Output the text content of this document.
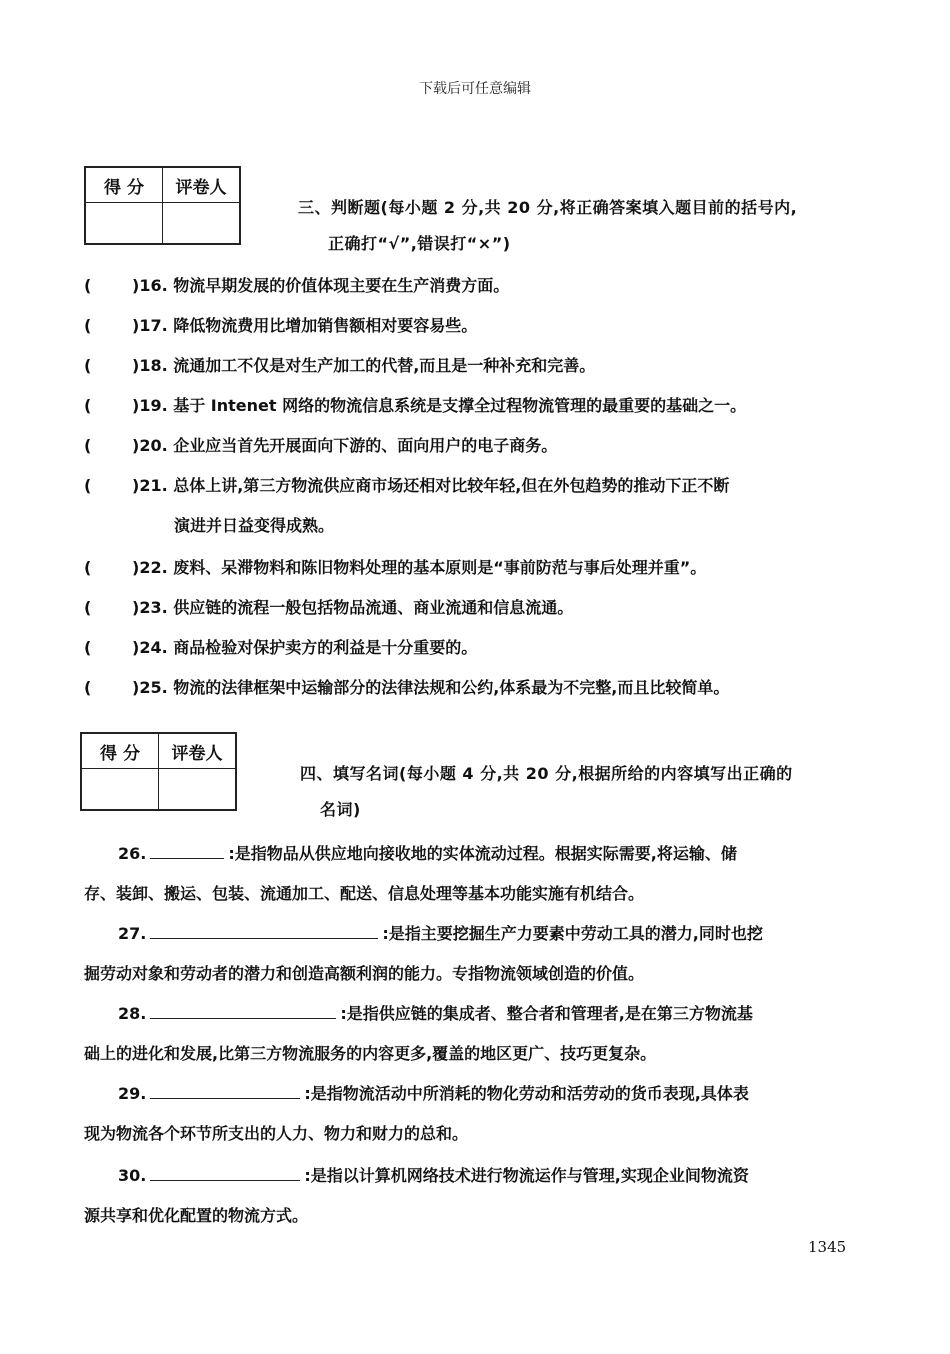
下载后可任意编辑
得 分	评卷人

三、判断题(每小题 2 分,共 20 分,将正确答案填入题目前的括号内,
正确打“√”,错误打“×”)
(	)16. 物流早期发展的价值体现主要在生产消费方面。
(	)17. 降低物流费用比增加销售额相对要容易些。
(	)18. 流通加工不仅是对生产加工的代替,而且是一种补充和完善。
(	)19. 基于 Intenet 网络的物流信息系统是支撑全过程物流管理的最重要的基础之一。
(	)20. 企业应当首先开展面向下游的、面向用户的电子商务。
(	)21. 总体上讲,第三方物流供应商市场还相对比较年轻,但在外包趋势的推动下正不断
演进并日益变得成熟。
(	)22. 废料、呆滞物料和陈旧物料处理的基本原则是“事前防范与事后处理并重”。
(	)23. 供应链的流程一般包括物品流通、商业流通和信息流通。
(	)24. 商品检验对保护卖方的利益是十分重要的。
(	)25. 物流的法律框架中运输部分的法律法规和公约,体系最为不完整,而且比较简单。
得 分	评卷人

四、填写名词(每小题 4 分,共 20 分,根据所给的内容填写出正确的
名词)
26.	:是指物品从供应地向接收地的实体流动过程。根据实际需要,将运输、储
存、装卸、搬运、包装、流通加工、配送、信息处理等基本功能实施有机结合。
27.	:是指主要挖掘生产力要素中劳动工具的潜力,同时也挖
掘劳动对象和劳动者的潜力和创造高额利润的能力。专指物流领域创造的价值。
28.	:是指供应链的集成者、整合者和管理者,是在第三方物流基
础上的进化和发展,比第三方物流服务的内容更多,覆盖的地区更广、技巧更复杂。
29.	:是指物流活动中所消耗的物化劳动和活劳动的货币表现,具体表
现为物流各个环节所支出的人力、物力和财力的总和。
30.	:是指以计算机网络技术进行物流运作与管理,实现企业间物流资
源共享和优化配置的物流方式。
1345
